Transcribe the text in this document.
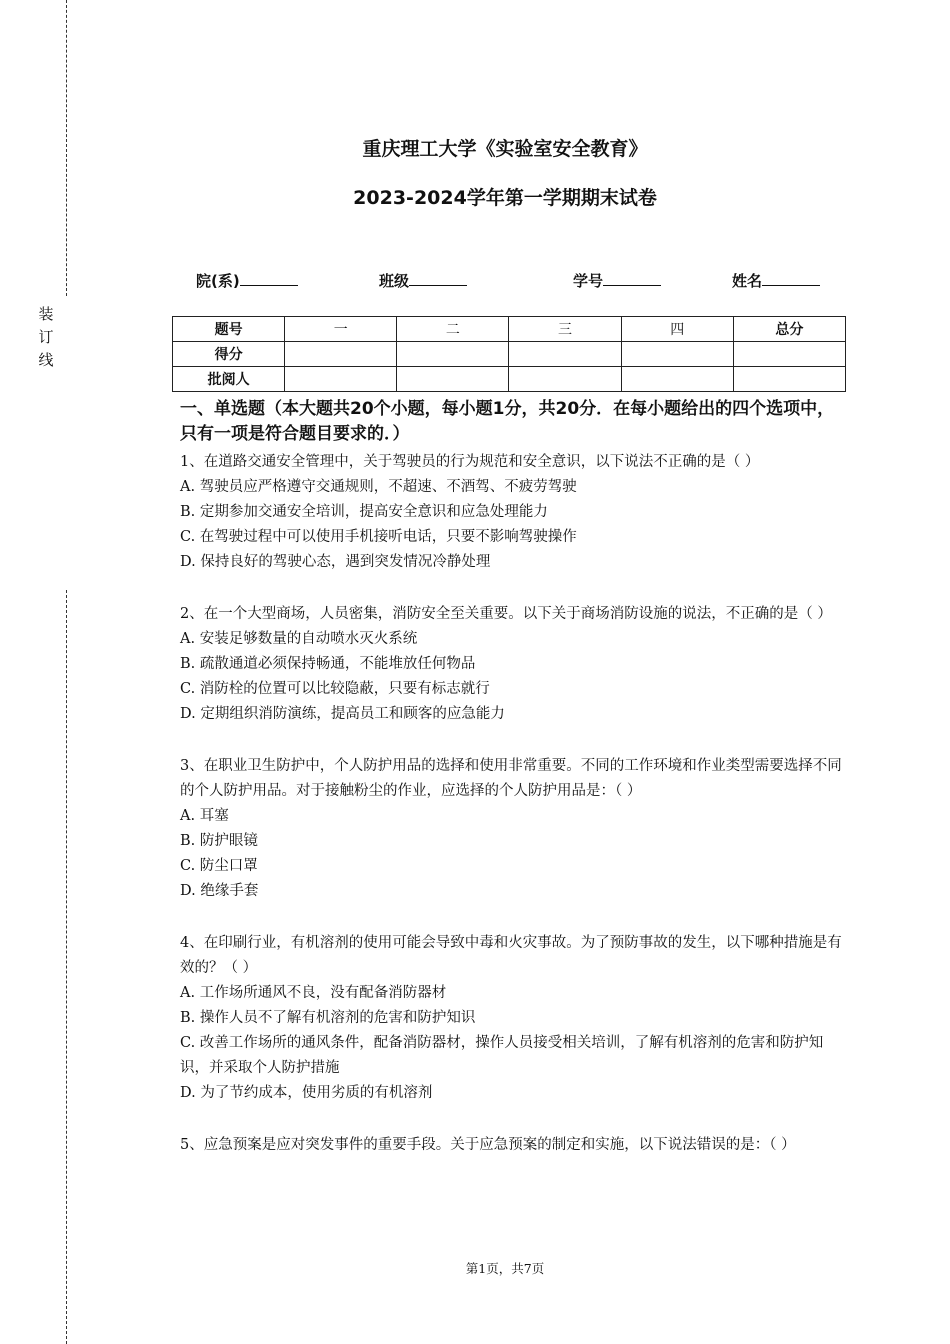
装订线
重庆理工大学《实验室安全教育》
2023-2024学年第一学期期末试卷
院(系)	班级	学号	姓名
题号	一	二	三	四	总分
得分					
批阅人					

一、单选题（本大题共20个小题，每小题1分，共20分．在每小题给出的四个选项中，只有一项是符合题目要求的．）

1、在道路交通安全管理中，关于驾驶员的行为规范和安全意识，以下说法不正确的是（ ）

A. 驾驶员应严格遵守交通规则，不超速、不酒驾、不疲劳驾驶

B. 定期参加交通安全培训，提高安全意识和应急处理能力

C. 在驾驶过程中可以使用手机接听电话，只要不影响驾驶操作

D. 保持良好的驾驶心态，遇到突发情况冷静处理

2、在一个大型商场，人员密集，消防安全至关重要。以下关于商场消防设施的说法，不正确的是（ ）

A. 安装足够数量的自动喷水灭火系统

B. 疏散通道必须保持畅通，不能堆放任何物品

C. 消防栓的位置可以比较隐蔽，只要有标志就行

D. 定期组织消防演练，提高员工和顾客的应急能力

3、在职业卫生防护中，个人防护用品的选择和使用非常重要。不同的工作环境和作业类型需要选择不同的个人防护用品。对于接触粉尘的作业，应选择的个人防护用品是：（ ）

A. 耳塞

B. 防护眼镜

C. 防尘口罩

D. 绝缘手套

4、在印刷行业，有机溶剂的使用可能会导致中毒和火灾事故。为了预防事故的发生，以下哪种措施是有效的？（ ）

A. 工作场所通风不良，没有配备消防器材

B. 操作人员不了解有机溶剂的危害和防护知识

C. 改善工作场所的通风条件，配备消防器材，操作人员接受相关培训，了解有机溶剂的危害和防护知识，并采取个人防护措施

D. 为了节约成本，使用劣质的有机溶剂

5、应急预案是应对突发事件的重要手段。关于应急预案的制定和实施，以下说法错误的是：（ ）

第1页，共7页
